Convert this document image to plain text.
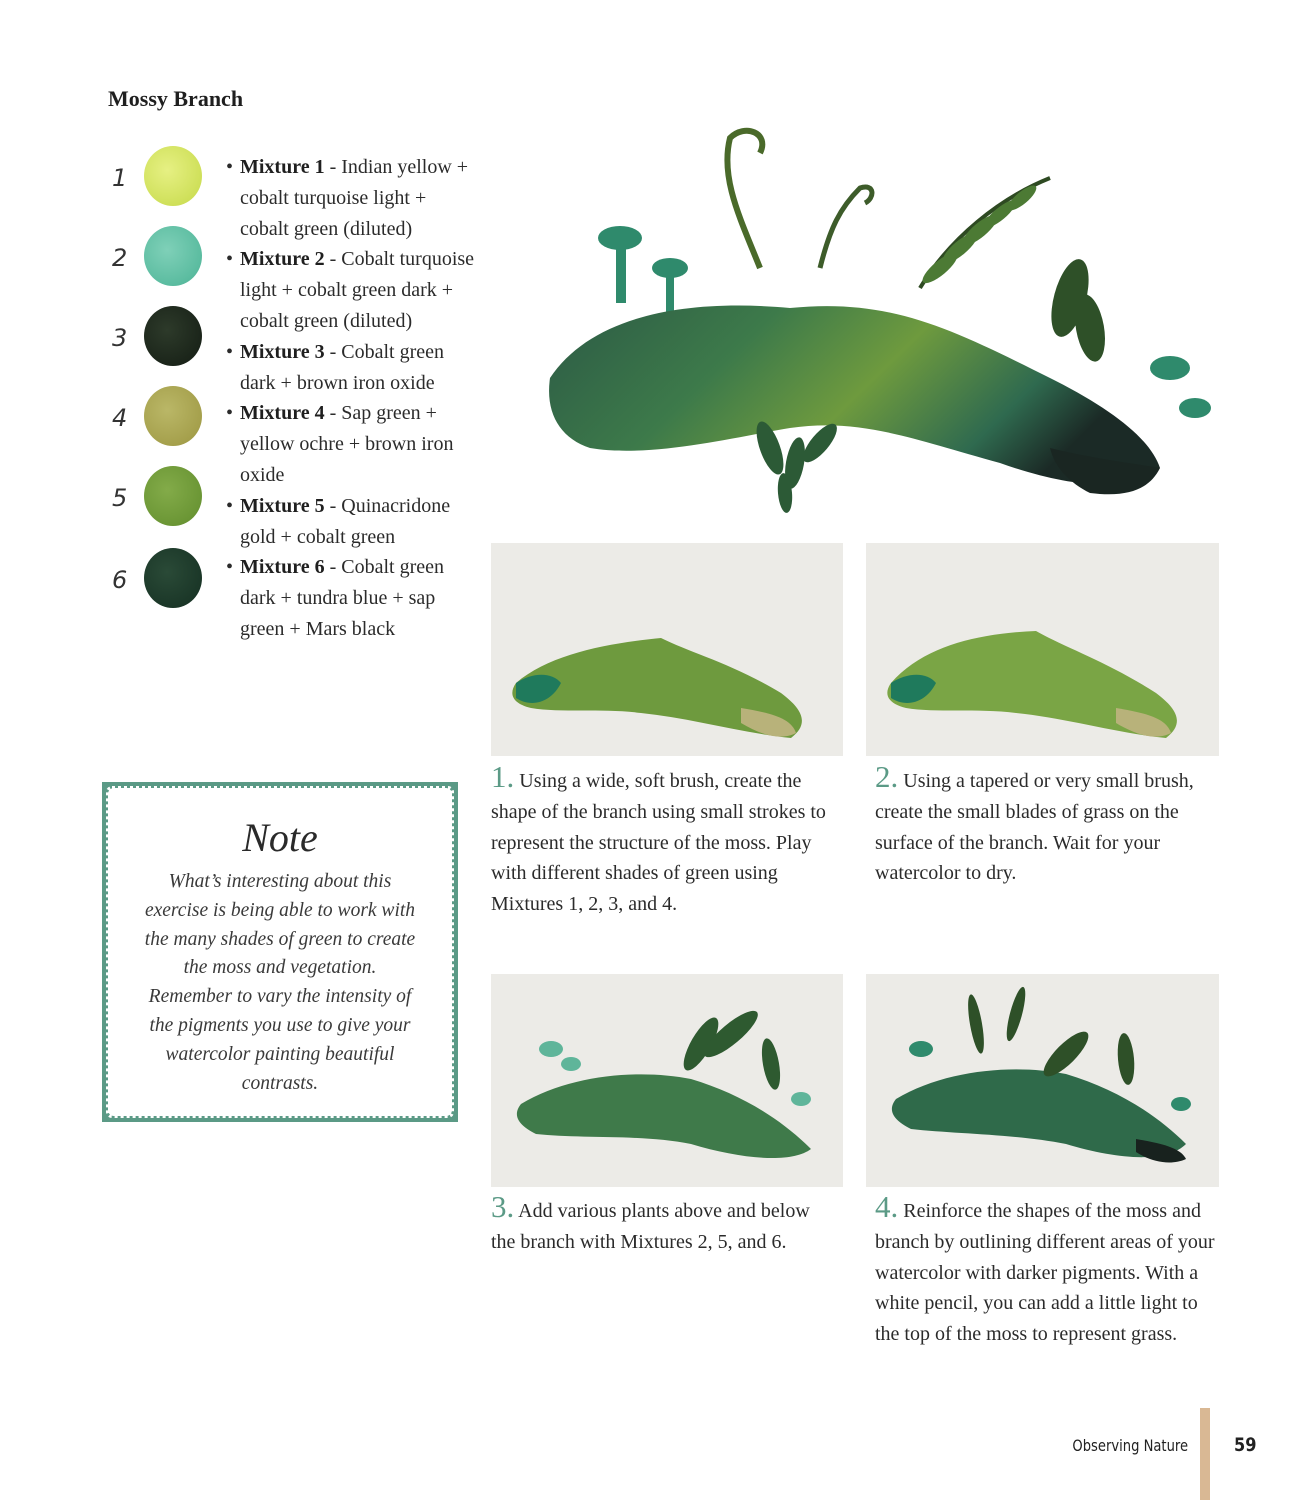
Mossy Branch
1
2
3
4
5
6
• Mixture 1 - Indian yellow + cobalt turquoise light + cobalt green (diluted)
• Mixture 2 - Cobalt turquoise light + cobalt green dark + cobalt green (diluted)
• Mixture 3 - Cobalt green dark + brown iron oxide
• Mixture 4 - Sap green + yellow ochre + brown iron oxide
• Mixture 5 - Quinacridone gold + cobalt green
• Mixture 6 - Cobalt green dark + tundra blue + sap green + Mars black
Note
What’s interesting about this exercise is being able to work with the many shades of green to create the moss and vegetation. Remember to vary the intensity of the pigments you use to give your watercolor painting beautiful contrasts.
1. Using a wide, soft brush, create the shape of the branch using small strokes to represent the structure of the moss. Play with different shades of green using Mixtures 1, 2, 3, and 4.
2. Using a tapered or very small brush, create the small blades of grass on the surface of the branch. Wait for your watercolor to dry.
3. Add various plants above and below the branch with Mixtures 2, 5, and 6.
4. Reinforce the shapes of the moss and branch by outlining different areas of your watercolor with darker pigments. With a white pencil, you can add a little light to the top of the moss to represent grass.
Observing Nature 59
